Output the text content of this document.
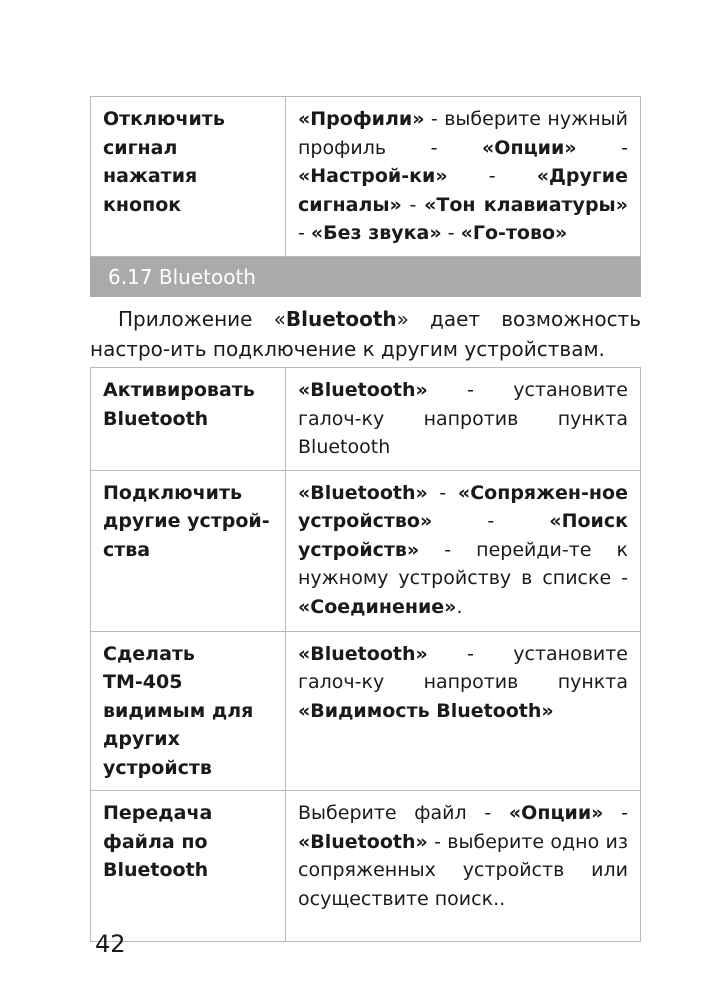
Отключить сигнал нажатия кнопок	«Профили» - выберите нужный профиль - «Опции» - «Настрой-ки» - «Другие сигналы» - «Тон клавиатуры» - «Без звука» - «Го-тово»
6.17 Bluetooth

Приложение «Bluetooth» дает возможность настро-ить подключение к другим устройствам.

Активировать Bluetooth	«Bluetooth» - установите галоч-ку напротив пункта Bluetooth
Подключить другие устрой-ства	«Bluetooth» - «Сопряжен-ное устройство» - «Поиск устройств» - перейди-те к нужному устройству в списке - «Соединение».
Сделать ТМ-405 видимым для других устройств	«Bluetooth» - установите галоч-ку напротив пункта «Видимость Bluetooth»
Передача файла по Bluetooth	Выберите файл - «Опции» - «Bluetooth» - выберите одно из сопряженных устройств или осуществите поиск..
42
